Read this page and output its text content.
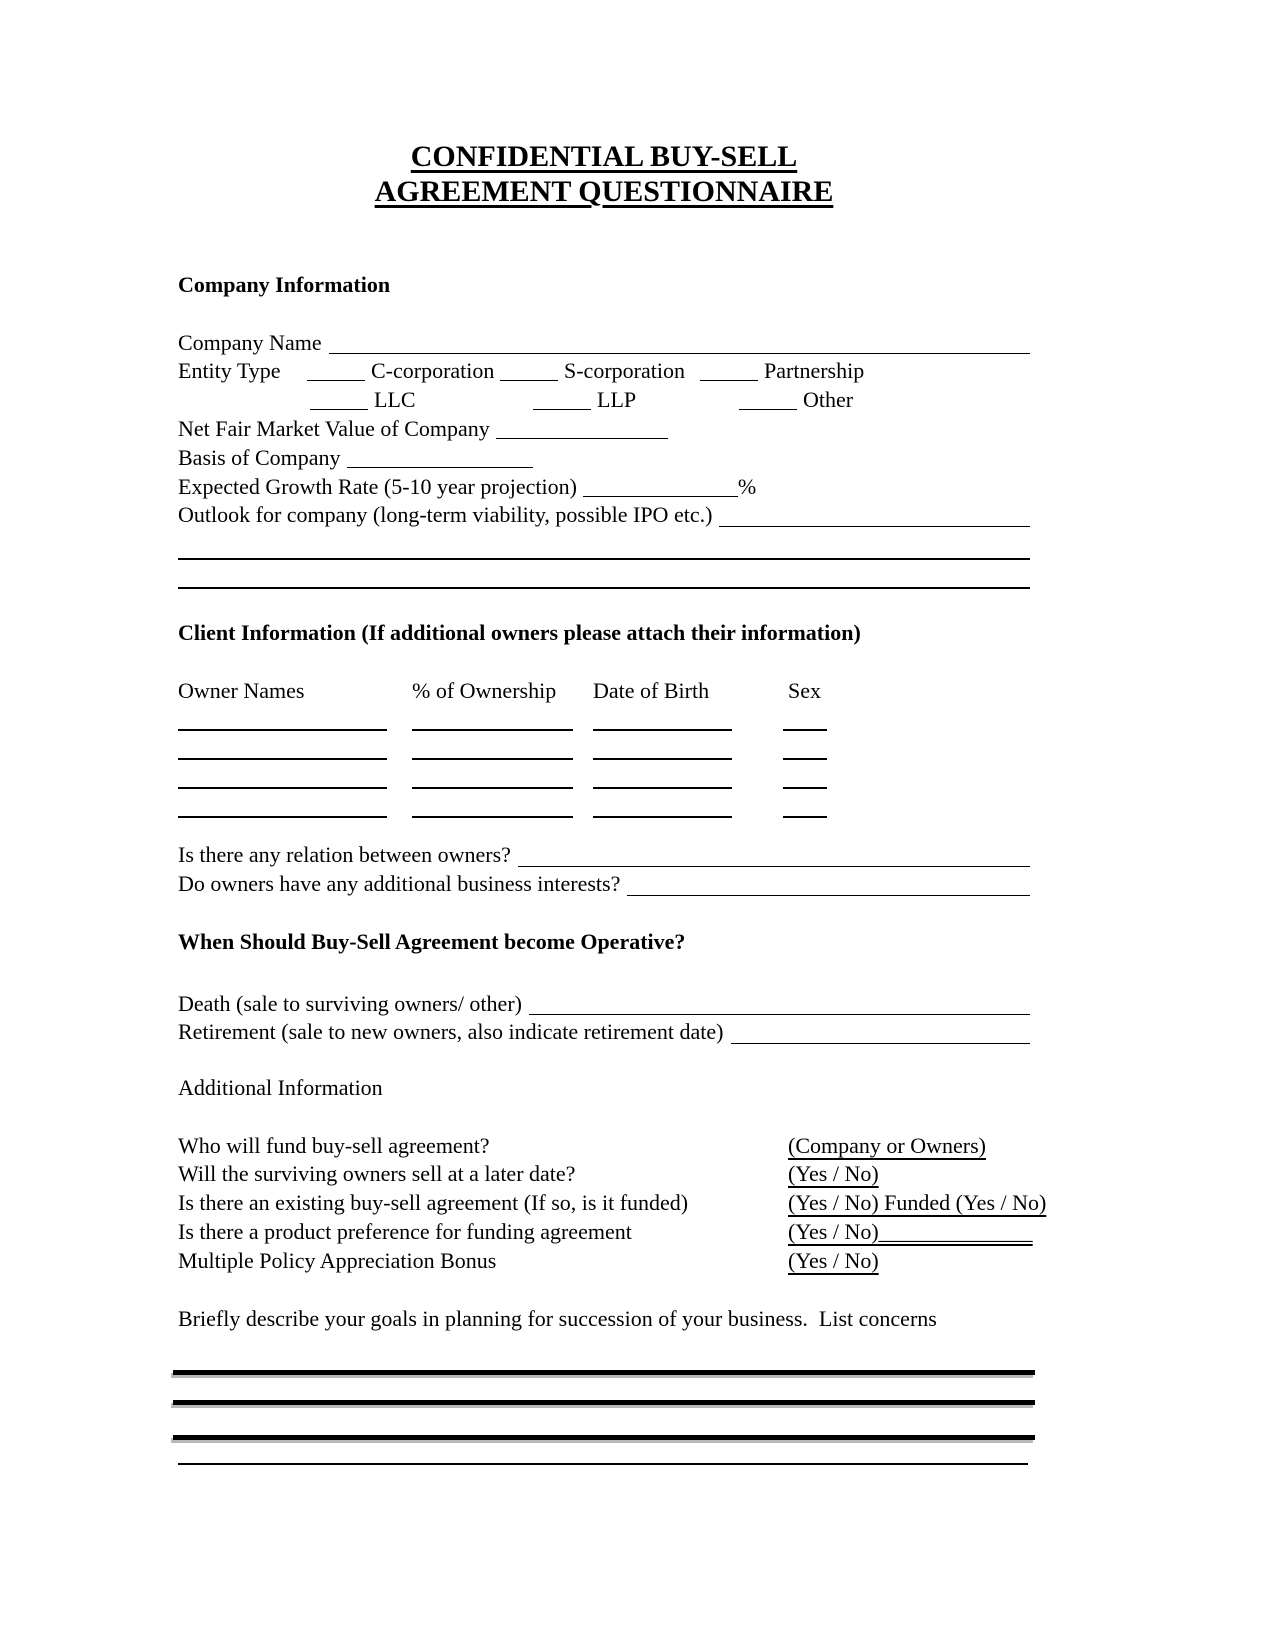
CONFIDENTIAL BUY-SELL
AGREEMENT QUESTIONNAIRE
Company Information
Company Name
Entity Type	C-corporation	S-corporation	Partnership
LLC	LLP	Other
Net Fair Market Value of Company
Basis of Company
Expected Growth Rate (5-10 year projection)	%
Outlook for company (long-term viability, possible IPO etc.)
Client Information (If additional owners please attach their information)
Owner Names	% of Ownership Date of Birth	Sex
Is there any relation between owners?
Do owners have any additional business interests?
When Should Buy-Sell Agreement become Operative?
Death (sale to surviving owners/ other)
Retirement (sale to new owners, also indicate retirement date)
Additional Information
Who will fund buy-sell agreement?	(Company or Owners)
Will the surviving owners sell at a later date?	(Yes / No)
Is there an existing buy-sell agreement (If so, is it funded)	(Yes / No) Funded (Yes / No)
Is there a product preference for funding agreement	(Yes / No)______________
Multiple Policy Appreciation Bonus	(Yes / No)
Briefly describe your goals in planning for succession of your business.  List concerns
